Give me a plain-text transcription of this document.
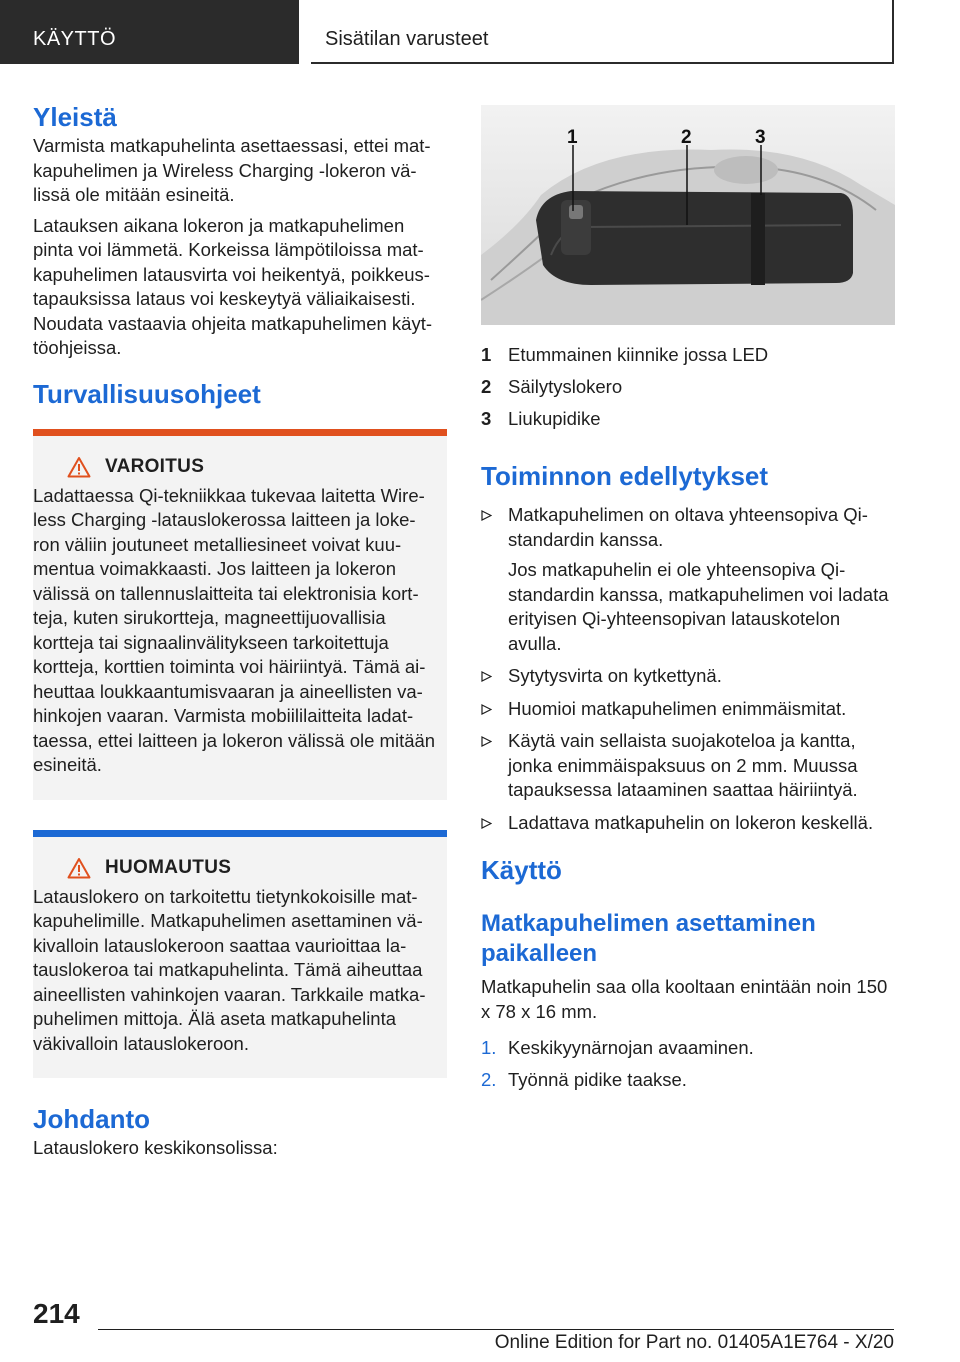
KÄYTTÖ	Sisätilan varusteet
Yleistä

Varmista matkapuhelinta asettaessasi, ettei mat-kapuhelimen ja Wireless Charging -lokeron vä-lissä ole mitään esineitä.

Latauksen aikana lokeron ja matkapuhelimen pinta voi lämmetä. Korkeissa lämpötiloissa mat-kapuhelimen latausvirta voi heikentyä, poikkeus-tapauksissa lataus voi keskeytyä väliaikaisesti. Noudata vastaavia ohjeita matkapuhelimen käyt-töohjeissa.

Turvallisuusohjeet
VAROITUS

Ladattaessa Qi-tekniikkaa tukevaa laitetta Wire-less Charging -latauslokerossa laitteen ja loke-ron väliin joutuneet metalliesineet voivat kuu-mentua voimakkaasti. Jos laitteen ja lokeron välissä on tallennuslaitteita tai elektronisia kort-teja, kuten sirukortteja, magneettijuovallisia kortteja tai signaalinvälitykseen tarkoitettuja kortteja, korttien toiminta voi häiriintyä. Tämä ai-heuttaa loukkaantumisvaaran ja aineellisten va-hinkojen vaaran. Varmista mobiililaitteita ladat-taessa, ettei laitteen ja lokeron välissä ole mitään esineitä.

HUOMAUTUS

Latauslokero on tarkoitettu tietynkokoisille mat-kapuhelimille. Matkapuhelimen asettaminen vä-kivalloin latauslokeroon saattaa vaurioittaa la-tauslokeroa tai matkapuhelinta. Tämä aiheuttaa aineellisten vahinkojen vaaran. Tarkkaile matka-puhelimen mittoja. Älä aseta matkapuhelinta väkivalloin latauslokeroon.

Johdanto

Latauslokero keskikonsolissa:

1	2	3
1 Etummainen kiinnike jossa LED
2 Säilytyslokero
3 Liukupidike
Toiminnon edellytykset

Matkapuhelimen on oltava yhteensopiva Qi-standardin kanssa.

Jos matkapuhelin ei ole yhteensopiva Qi-standardin kanssa, matkapuhelimen voi ladata erityisen Qi-yhteensopivan latauskotelon avulla.

Sytytysvirta on kytkettynä.

Huomioi matkapuhelimen enimmäismitat.

Käytä vain sellaista suojakoteloa ja kanttа, jonka enimmäispaksuus on 2 mm. Muussa tapauksessa lataaminen saattaa häiriintyä.

Ladattava matkapuhelin on lokeron keskellä.

Käyttö
Matkapuhelimen asettaminen paikalleen

Matkapuhelin saa olla kooltaan enintään noin 150 x 78 x 16 mm.

1. Keskikyynärnojan avaaminen.
2. Työnnä pidike taakse.
214
Online Edition for Part no. 01405A1E764 - X/20
